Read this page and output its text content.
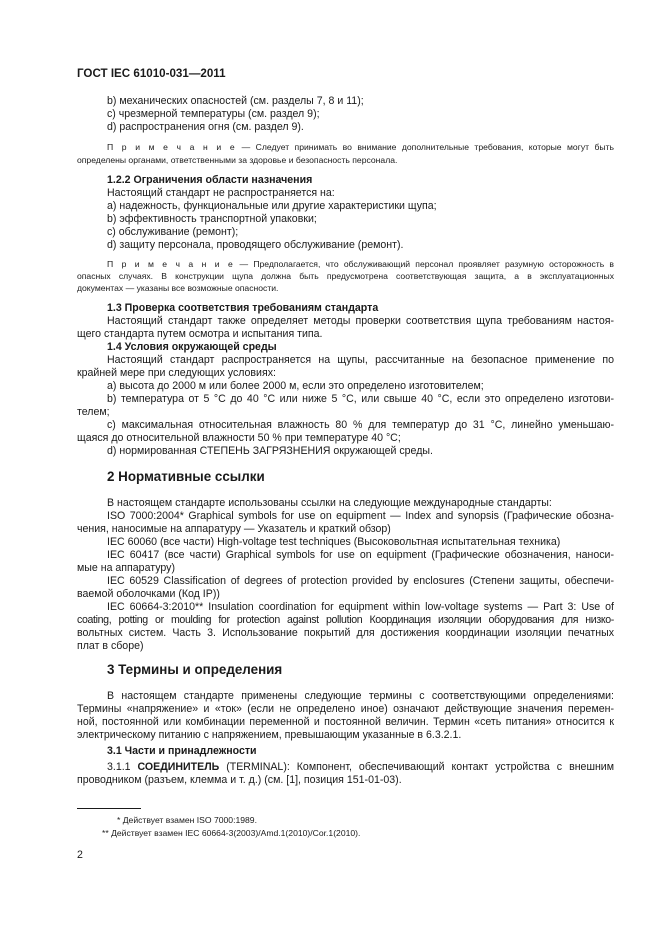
ГОСТ IEC 61010-031—2011
b) механических опасностей (см. разделы 7, 8 и 11);
c) чрезмерной температуры (см. раздел 9);
d) распространения огня (см. раздел 9).
П р и м е ч а н и е — Следует принимать во внимание дополнительные требования, которые могут быть
определены органами, ответственными за здоровье и безопасность персонала.
1.2.2 Ограничения области назначения
Настоящий стандарт не распространяется на:
a) надежность, функциональные или другие характеристики щупа;
b) эффективность транспортной упаковки;
c) обслуживание (ремонт);
d) защиту персонала, проводящего обслуживание (ремонт).
П р и м е ч а н и е — Предполагается, что обслуживающий персонал проявляет разумную осторожность в
опасных случаях. В конструкции щупа должна быть предусмотрена соответствующая защита, а в эксплуатационных
документах — указаны все возможные опасности.
1.3 Проверка соответствия требованиям стандарта
Настоящий стандарт также определяет методы проверки соответствия щупа требованиям настоя-
щего стандарта путем осмотра и испытания типа.
1.4 Условия окружающей среды
Настоящий стандарт распространяется на щупы, рассчитанные на безопасное применение по
крайней мере при следующих условиях:
a) высота до 2000 м или более 2000 м, если это определено изготовителем;
b) температура от 5 °С до 40 °С или ниже 5 °С, или свыше 40 °С, если это определено изготови-
телем;
c) максимальная относительная влажность 80 % для температур до 31 °С, линейно уменьшаю-
щаяся до относительной влажности 50 % при температуре 40 °С;
d) нормированная СТЕПЕНЬ ЗАГРЯЗНЕНИЯ окружающей среды.
2 Нормативные ссылки
В настоящем стандарте использованы ссылки на следующие международные стандарты:
ISO 7000:2004* Graphical symbols for use on equipment — Index and synopsis (Графические обозна-
чения, наносимые на аппаратуру — Указатель и краткий обзор)
IEC 60060 (все части) High-voltage test techniques (Высоковольтная испытательная техника)
IEC 60417 (все части) Graphical symbols for use on equipment (Графические обозначения, наноси-
мые на аппаратуру)
IEC 60529 Classification of degrees of protection provided by enclosures (Степени защиты, обеспечи-
ваемой оболочками (Код IP))
IEC 60664-3:2010** Insulation coordination for equipment within low-voltage systems — Part 3: Use of
coating, potting or moulding for protection against pollution Координация изоляции оборудования для низко-
вольтных систем. Часть 3. Использование покрытий для достижения координации изоляции печатных
плат в сборе)
3 Термины и определения
В настоящем стандарте применены следующие термины с соответствующими определениями:
Термины «напряжение» и «ток» (если не определено иное) означают действующие значения перемен-
ной, постоянной или комбинации переменной и постоянной величин. Термин «сеть питания» относится к
электрическому питанию с напряжением, превышающим указанные в 6.3.2.1.
3.1 Части и принадлежности
3.1.1 СОЕДИНИТЕЛЬ (TERMINAL): Компонент, обеспечивающий контакт устройства с внешним
проводником (разъем, клемма и т. д.) (см. [1], позиция 151-01-03).
* Действует взамен ISO 7000:1989.
** Действует взамен IEC 60664-3(2003)/Amd.1(2010)/Cor.1(2010).
2
